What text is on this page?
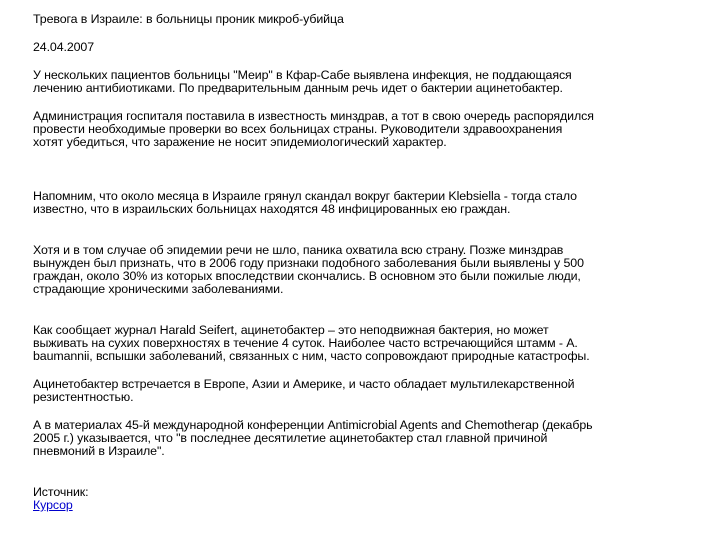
Тревога в Израиле: в больницы проник микроб-убийца
24.04.2007
У нескольких пациентов больницы "Меир" в Кфар-Сабе выявлена инфекция, не поддающаяся
лечению антибиотиками. По предварительным данным речь идет о бактерии ацинетобактер.
Администрация госпиталя поставила в известность минздрав, а тот в свою очередь распорядился
провести необходимые проверки во всех больницах страны. Руководители здравоохранения
хотят убедиться, что заражение не носит эпидемиологический характер.
Напомним, что около месяца в Израиле грянул скандал вокруг бактерии Klebsiella - тогда стало
известно, что в израильских больницах находятся 48 инфицированных ею граждан.
Хотя и в том случае об эпидемии речи не шло, паника охватила всю страну. Позже минздрав
вынужден был признать, что в 2006 году признаки подобного заболевания были выявлены у 500
граждан, около 30% из которых впоследствии скончались. В основном это были пожилые люди,
страдающие хроническими заболеваниями.
Как сообщает журнал Harald Seifert, ацинетобактер – это неподвижная бактерия, но может
выживать на сухих поверхностях в течение 4 суток. Наиболее часто встречающийся штамм - A.
baumannii, вспышки заболеваний, связанных с ним, часто сопровождают природные катастрофы.
Ацинетобактер встречается в Европе, Азии и Америке, и часто обладает мультилекарственной
резистентностью.
А в материалах 45-й международной конференции Antimicrobial Agents and Chemotherap (декабрь
2005 г.) указывается, что "в последнее десятилетие ацинетобактер стал главной причиной
пневмоний в Израиле".
Источник:
Курсор
